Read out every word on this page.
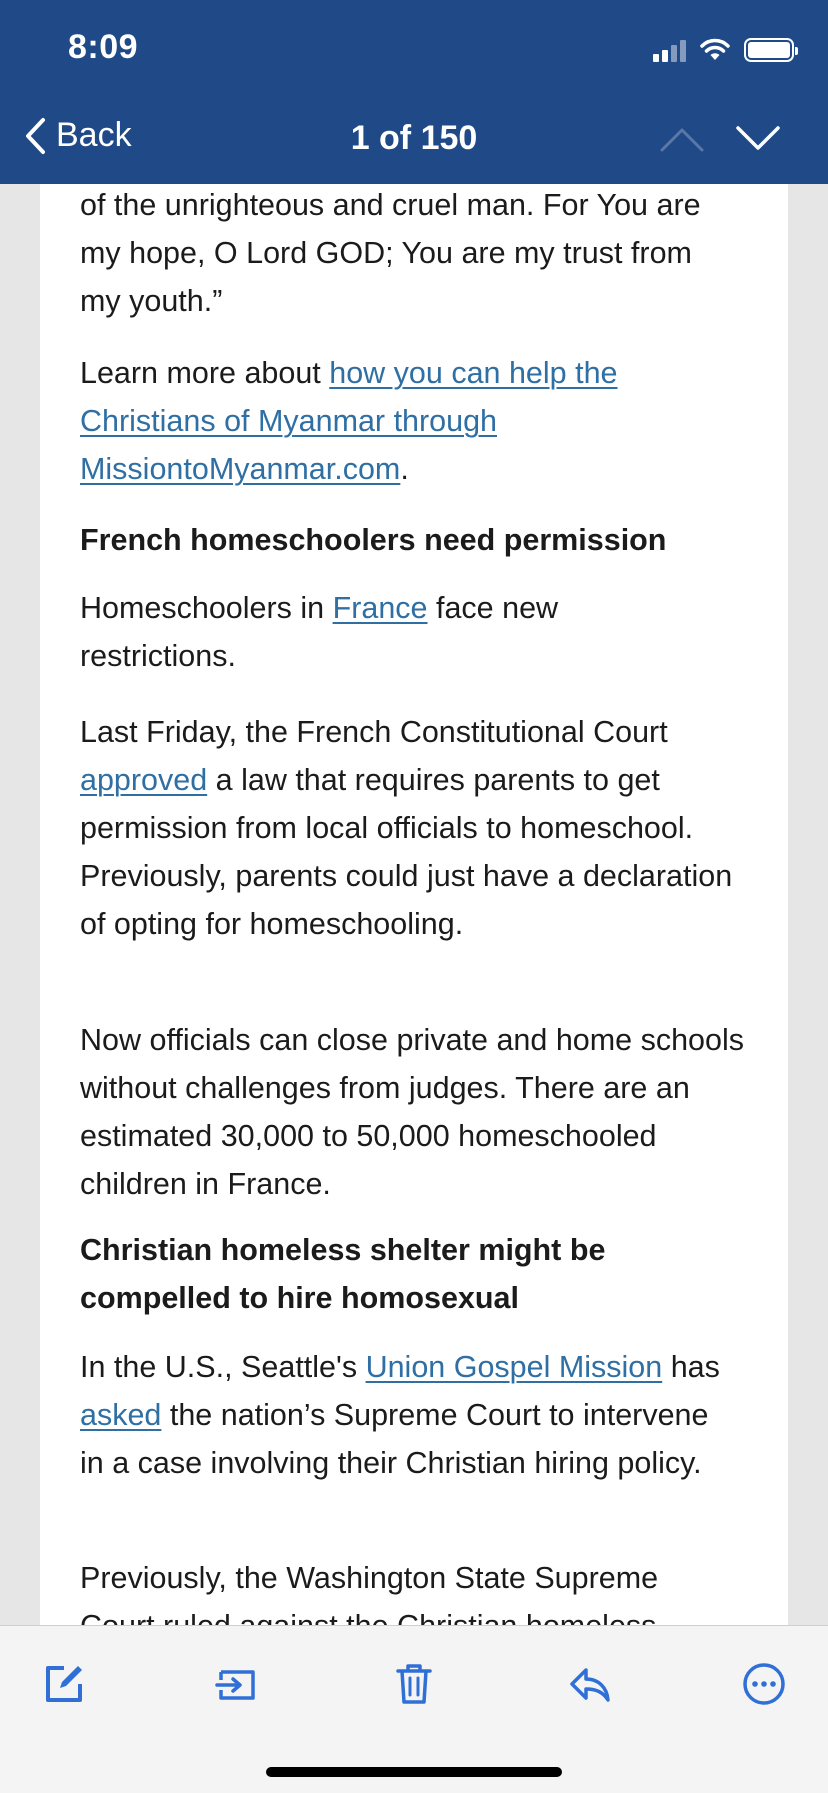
8:09
Back	1 of 150

of the unrighteous and cruel man. For You are my hope, O Lord GOD; You are my trust from my youth.”

Learn more about how you can help the Christians of Myanmar through MissiontoMyanmar.com.

French homeschoolers need permission

Homeschoolers in France face new restrictions.

Last Friday, the French Constitutional Court approved a law that requires parents to get permission from local officials to homeschool. Previously, parents could just have a declaration of opting for homeschooling.

Now officials can close private and home schools without challenges from judges. There are an estimated 30,000 to 50,000 homeschooled children in France.

Christian homeless shelter might be compelled to hire homosexual

In the U.S., Seattle's Union Gospel Mission has asked the nation’s Supreme Court to intervene in a case involving their Christian hiring policy.

Previously, the Washington State Supreme
